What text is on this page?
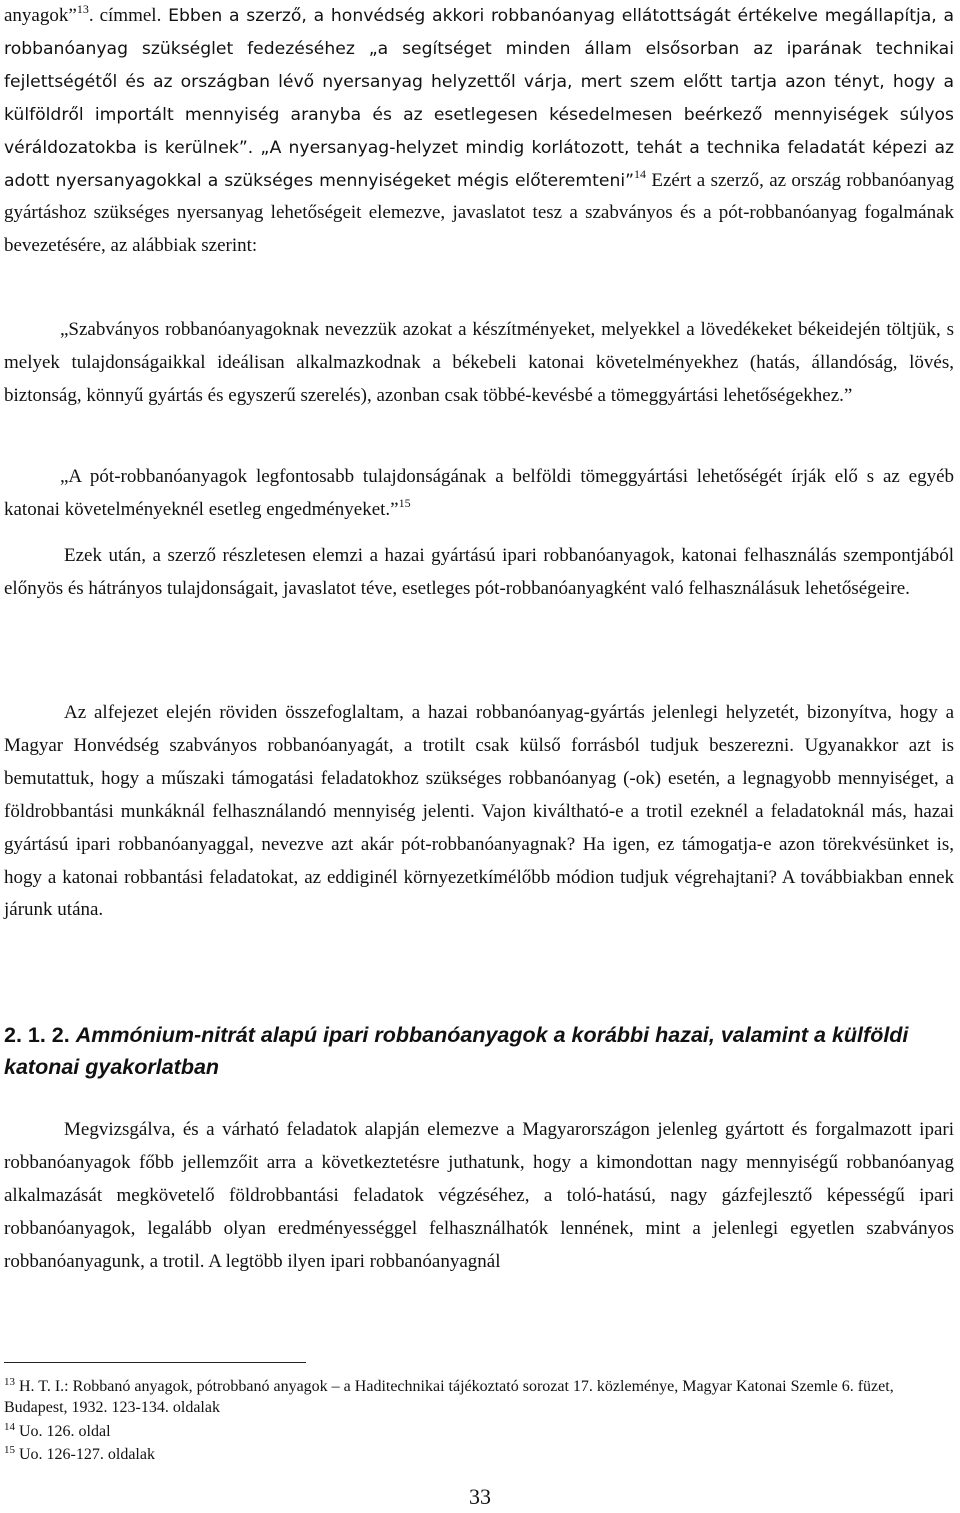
anyagok”$^{13}$. címmel. Ebben a szerző, a honvédség akkori robbanóanyag ellátottságát értékelve megállapítja, a robbanóanyag szükséglet fedezéséhez „a segítséget minden állam elsősorban az iparának technikai fejlettségétől és az országban lévő nyersanyag helyzettől várja, mert szem előtt tartja azon tényt, hogy a külföldről importált mennyiség aranyba és az esetlegesen késedelmesen beérkező mennyiségek súlyos véráldozatokba is kerülnek”. „A nyersanyag-helyzet mindig korlátozott, tehát a technika feladatát képezi az adott nyersanyagokkal a szükséges mennyiségeket mégis előteremteni”$^{14}$ Ezért a szerző, az ország robbanóanyag gyártáshoz szükséges nyersanyag lehetőségeit elemezve, javaslatot tesz a szabványos és a pót-robbanóanyag fogalmának bevezetésére, az alábbiak szerint:

„Szabványos robbanóanyagoknak nevezzük azokat a készítményeket, melyekkel a lövedékeket békeidején töltjük, s melyek tulajdonságaikkal ideálisan alkalmazkodnak a békebeli katonai követelményekhez (hatás, állandóság, lövés, biztonság, könnyű gyártás és egyszerű szerelés), azonban csak többé-kevésbé a tömeggyártási lehetőségekhez.”

„A pót-robbanóanyagok legfontosabb tulajdonságának a belföldi tömeggyártási lehetőségét írják elő s az egyéb katonai követelményeknél esetleg engedményeket.”$^{15}$

Ezek után, a szerző részletesen elemzi a hazai gyártású ipari robbanóanyagok, katonai felhasználás szempontjából előnyös és hátrányos tulajdonságait, javaslatot téve, esetleges pót-robbanóanyagként való felhasználásuk lehetőségeire.

Az alfejezet elején röviden összefoglaltam, a hazai robbanóanyag-gyártás jelenlegi helyzetét, bizonyítva, hogy a Magyar Honvédség szabványos robbanóanyagát, a trotilt csak külső forrásból tudjuk beszerezni. Ugyanakkor azt is bemutattuk, hogy a műszaki támogatási feladatokhoz szükséges robbanóanyag (-ok) esetén, a legnagyobb mennyiséget, a földrobbantási munkáknál felhasználandó mennyiség jelenti. Vajon kiváltható-e a trotil ezeknél a feladatoknál más, hazai gyártású ipari robbanóanyaggal, nevezve azt akár pót-robbanóanyagnak? Ha igen, ez támogatja-e azon törekvésünket is, hogy a katonai robbantási feladatokat, az eddiginél környezetkímélőbb módion tudjuk végrehajtani? A továbbiakban ennek járunk utána.

2. 1. 2. Ammónium-nitrát alapú ipari robbanóanyagok a korábbi hazai, valamint a külföldi katonai gyakorlatban

Megvizsgálva, és a várható feladatok alapján elemezve a Magyarországon jelenleg gyártott és forgalmazott ipari robbanóanyagok főbb jellemzőit arra a következtetésre juthatunk, hogy a kimondottan nagy mennyiségű robbanóanyag alkalmazását megkövetelő földrobbantási feladatok végzéséhez, a toló-hatású, nagy gázfejlesztő képességű ipari robbanóanyagok, legalább olyan eredményességgel felhasználhatók lennének, mint a jelenlegi egyetlen szabványos robbanóanyagunk, a trotil. A legtöbb ilyen ipari robbanóanyagnál

$^{13}$ H. T. I.: Robbanó anyagok, pótrobbanó anyagok – a Haditechnikai tájékoztató sorozat 17. közleménye, Magyar Katonai Szemle 6. füzet, Budapest, 1932. 123-134. oldalak

$^{14}$ Uo. 126. oldal

$^{15}$ Uo. 126-127. oldalak

33
